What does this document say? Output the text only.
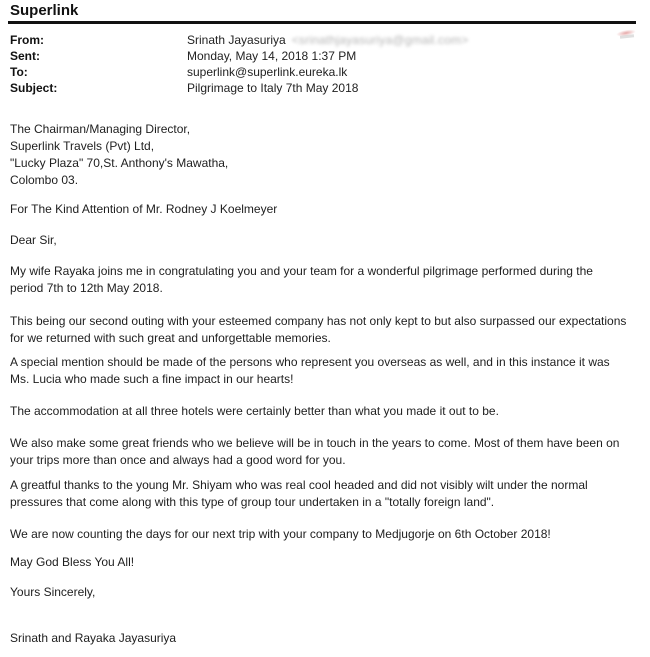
Superlink
From:	Srinath Jayasuriya <srinathjayasuriya@gmail.com>
Sent:	Monday, May 14, 2018 1:37 PM
To:	superlink@superlink.eureka.lk
Subject:	Pilgrimage to Italy 7th May 2018
The Chairman/Managing Director,
Superlink Travels (Pvt) Ltd,
"Lucky Plaza" 70,St. Anthony's Mawatha,
Colombo 03.
For The Kind Attention of Mr. Rodney J Koelmeyer
Dear Sir,

My wife Rayaka joins me in congratulating you and your team for a wonderful pilgrimage performed during the period 7th to 12th May 2018.

This being our second outing with your esteemed company has not only kept to but also surpassed our expectations for we returned with such great and unforgettable memories.

A special mention should be made of the persons who represent you overseas as well, and in this instance it was Ms. Lucia who made such a fine impact in our hearts!

The accommodation at all three hotels were certainly better than what you made it out to be.

We also make some great friends who we believe will be in touch in the years to come. Most of them have been on your trips more than once and always had a good word for you.

A greatful thanks to the young Mr. Shiyam who was real cool headed and did not visibly wilt under the normal pressures that come along with this type of group tour undertaken in a "totally foreign land".

We are now counting the days for our next trip with your company to Medjugorje on 6th October 2018!

May God Bless You All!
Yours Sincerely,
Srinath and Rayaka Jayasuriya
